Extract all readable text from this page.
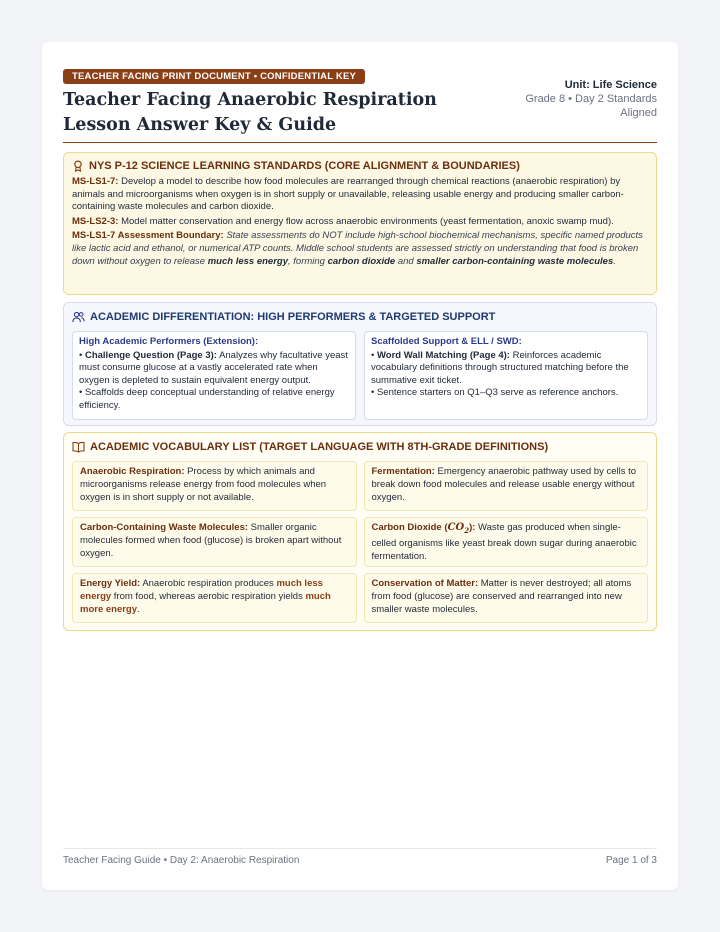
TEACHER FACING PRINT DOCUMENT • CONFIDENTIAL KEY
Teacher Facing Anaerobic Respiration Lesson Answer Key & Guide
Unit: Life Science
Grade 8 • Day 2 Standards
Aligned
NYS P-12 SCIENCE LEARNING STANDARDS (CORE ALIGNMENT & BOUNDARIES)

MS-LS1-7: Develop a model to describe how food molecules are rearranged through chemical reactions (anaerobic respiration) by animals and microorganisms when oxygen is in short supply or unavailable, releasing usable energy and producing smaller carbon-containing waste molecules and carbon dioxide.

MS-LS2-3: Model matter conservation and energy flow across anaerobic environments (yeast fermentation, anoxic swamp mud).

MS-LS1-7 Assessment Boundary: State assessments do NOT include high-school biochemical mechanisms, specific named products like lactic acid and ethanol, or numerical ATP counts. Middle school students are assessed strictly on understanding that food is broken down without oxygen to release much less energy, forming carbon dioxide and smaller carbon-containing waste molecules.

ACADEMIC DIFFERENTIATION: HIGH PERFORMERS & TARGETED SUPPORT
High Academic Performers (Extension):
• Challenge Question (Page 3): Analyzes why facultative yeast must consume glucose at a vastly accelerated rate when oxygen is depleted to sustain equivalent energy output.
• Scaffolds deep conceptual understanding of relative energy efficiency.
Scaffolded Support & ELL / SWD:
• Word Wall Matching (Page 4): Reinforces academic vocabulary definitions through structured matching before the summative exit ticket.
• Sentence starters on Q1–Q3 serve as reference anchors.
ACADEMIC VOCABULARY LIST (TARGET LANGUAGE WITH 8TH-GRADE DEFINITIONS)
Anaerobic Respiration: Process by which animals and microorganisms release energy from food molecules when oxygen is in short supply or not available.
Fermentation: Emergency anaerobic pathway used by cells to break down food molecules and release usable energy without oxygen.
Carbon-Containing Waste Molecules: Smaller organic molecules formed when food (glucose) is broken apart without oxygen.
Carbon Dioxide $(CO_2)$: Waste gas produced when single-celled organisms like yeast break down sugar during anaerobic fermentation.
Energy Yield: Anaerobic respiration produces much less energy from food, whereas aerobic respiration yields much more energy.
Conservation of Matter: Matter is never destroyed; all atoms from food (glucose) are conserved and rearranged into new smaller waste molecules.
Teacher Facing Guide • Day 2: Anaerobic Respiration	Page 1 of 3
